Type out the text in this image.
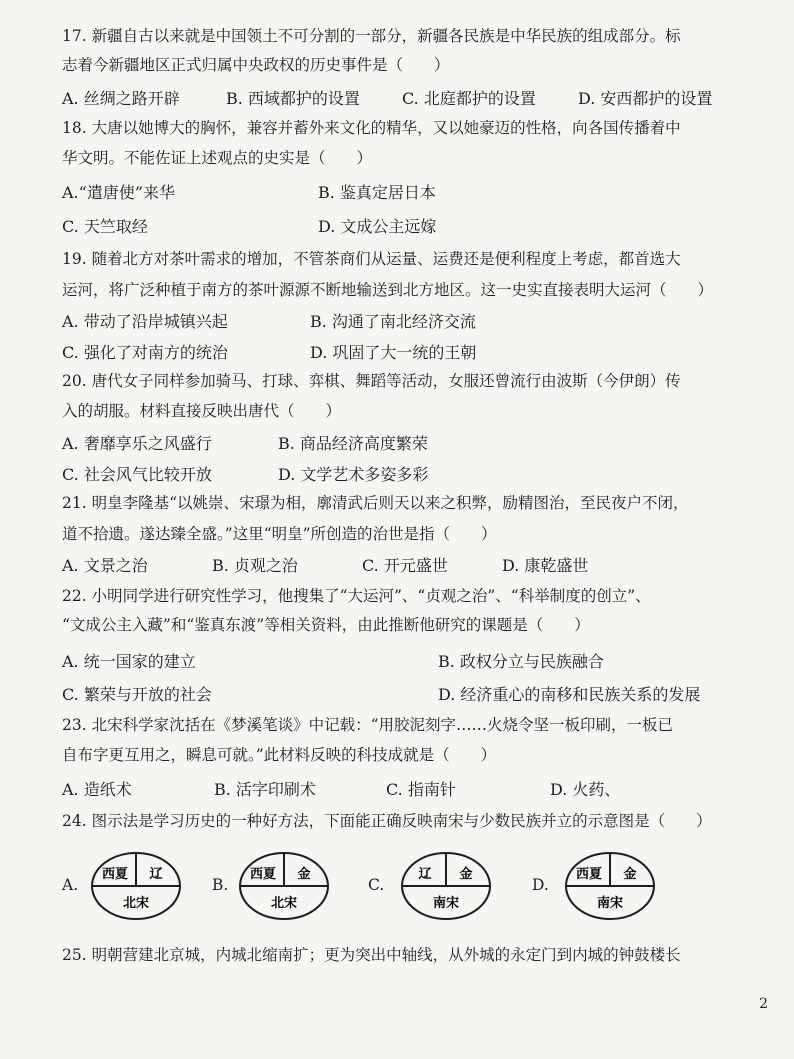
17. 新疆自古以来就是中国领土不可分割的一部分，新疆各民族是中华民族的组成部分。标
志着今新疆地区正式归属中央政权的历史事件是（　　）
A. 丝绸之路开辟	B. 西域都护的设置	C. 北庭都护的设置	D. 安西都护的设置
18. 大唐以她博大的胸怀，兼容并蓄外来文化的精华，又以她豪迈的性格，向各国传播着中
华文明。不能佐证上述观点的史实是（　　）
A.“遣唐使”来华	B. 鉴真定居日本
C. 天竺取经	D. 文成公主远嫁
19. 随着北方对茶叶需求的增加，不管茶商们从运量、运费还是便利程度上考虑，都首选大
运河，将广泛种植于南方的茶叶源源不断地输送到北方地区。这一史实直接表明大运河（　　）
A. 带动了沿岸城镇兴起	B. 沟通了南北经济交流
C. 强化了对南方的统治	D. 巩固了大一统的王朝
20. 唐代女子同样参加骑马、打球、弈棋、舞蹈等活动，女服还曾流行由波斯（今伊朗）传
入的胡服。材料直接反映出唐代（　　）
A. 奢靡享乐之风盛行	B. 商品经济高度繁荣
C. 社会风气比较开放	D. 文学艺术多姿多彩
21. 明皇李隆基“以姚崇、宋璟为相，廓清武后则天以来之积弊，励精图治，至民夜户不闭，
道不拾遗。遂达臻全盛。”这里“明皇”所创造的治世是指（　　）
A. 文景之治	B. 贞观之治	C. 开元盛世	D. 康乾盛世
22. 小明同学进行研究性学习，他搜集了“大运河”、“贞观之治”、“科举制度的创立”、
“文成公主入藏”和“鉴真东渡”等相关资料，由此推断他研究的课题是（　　）
A. 统一国家的建立	B. 政权分立与民族融合
C. 繁荣与开放的社会	D. 经济重心的南移和民族关系的发展
23. 北宋科学家沈括在《梦溪笔谈》中记载：“用胶泥刻字……火烧令坚一板印刷，一板已
自布字更互用之，瞬息可就。”此材料反映的科技成就是（　　）
A. 造纸术	B. 活字印刷术	C. 指南针	D. 火药、
24. 图示法是学习历史的一种好方法，下面能正确反映南宋与少数民族并立的示意图是（　　）
A.
西夏 辽
北宋
B.
西夏 金
北宋
C.
辽 金
南宋
D.
西夏 金
南宋
25. 明朝营建北京城，内城北缩南扩；更为突出中轴线，从外城的永定门到内城的钟鼓楼长
2
